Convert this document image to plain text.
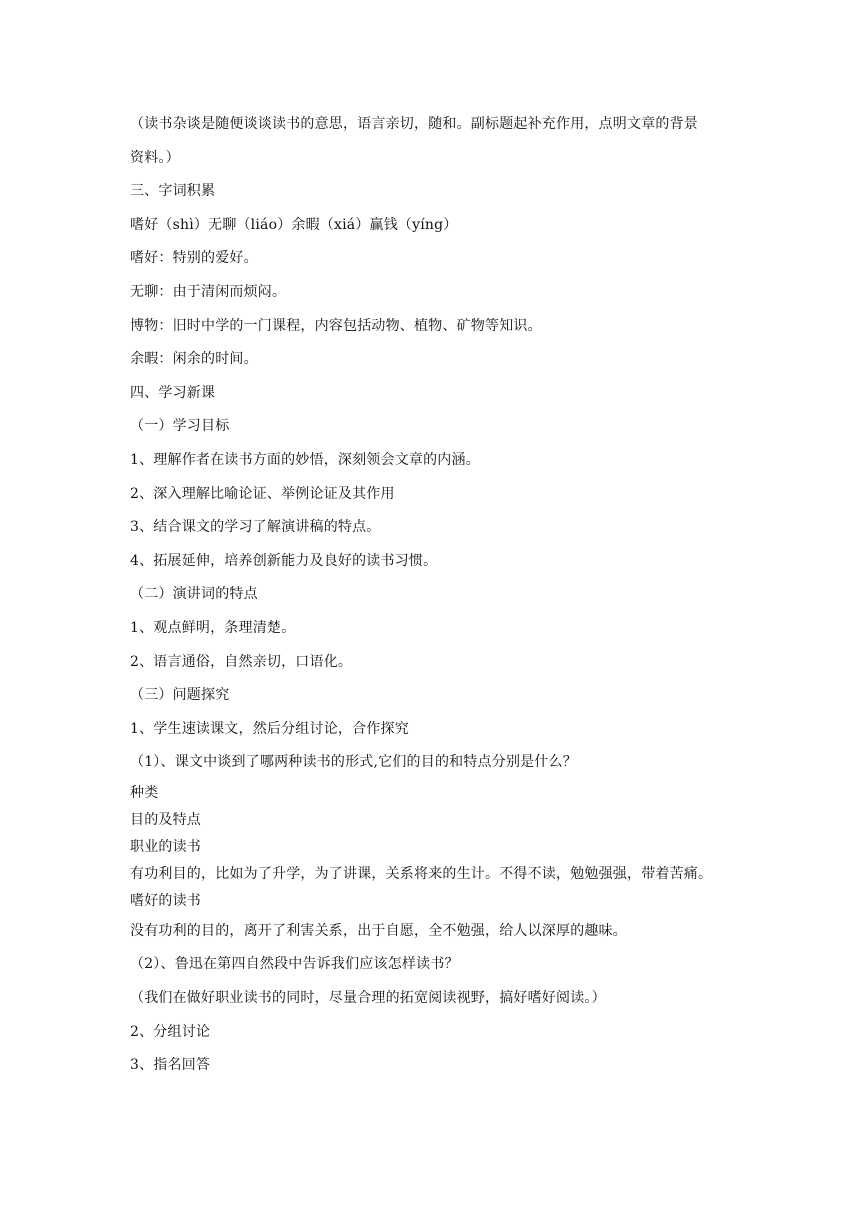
（读书杂谈是随便谈谈读书的意思，语言亲切，随和。副标题起补充作用，点明文章的背景
资料。）
三、字词积累
嗜好（shì）无聊（liáo）余暇（xiá）赢钱（yíng）
嗜好：特别的爱好。
无聊：由于清闲而烦闷。
博物：旧时中学的一门课程，内容包括动物、植物、矿物等知识。
余暇：闲余的时间。
四、学习新课
（一）学习目标
1、理解作者在读书方面的妙悟，深刻领会文章的内涵。
2、深入理解比喻论证、举例论证及其作用
3、结合课文的学习了解演讲稿的特点。
4、拓展延伸，培养创新能力及良好的读书习惯。
（二）演讲词的特点
1、观点鲜明，条理清楚。
2、语言通俗，自然亲切，口语化。
（三）问题探究
1、学生速读课文，然后分组讨论，合作探究
（1）、课文中谈到了哪两种读书的形式,它们的目的和特点分别是什么？
种类
目的及特点
职业的读书
有功利目的，比如为了升学，为了讲课，关系将来的生计。不得不读，勉勉强强，带着苦痛。
嗜好的读书
没有功利的目的，离开了利害关系，出于自愿，全不勉强，给人以深厚的趣味。
（2）、鲁迅在第四自然段中告诉我们应该怎样读书？
（我们在做好职业读书的同时，尽量合理的拓宽阅读视野，搞好嗜好阅读。）
2、分组讨论
3、指名回答
